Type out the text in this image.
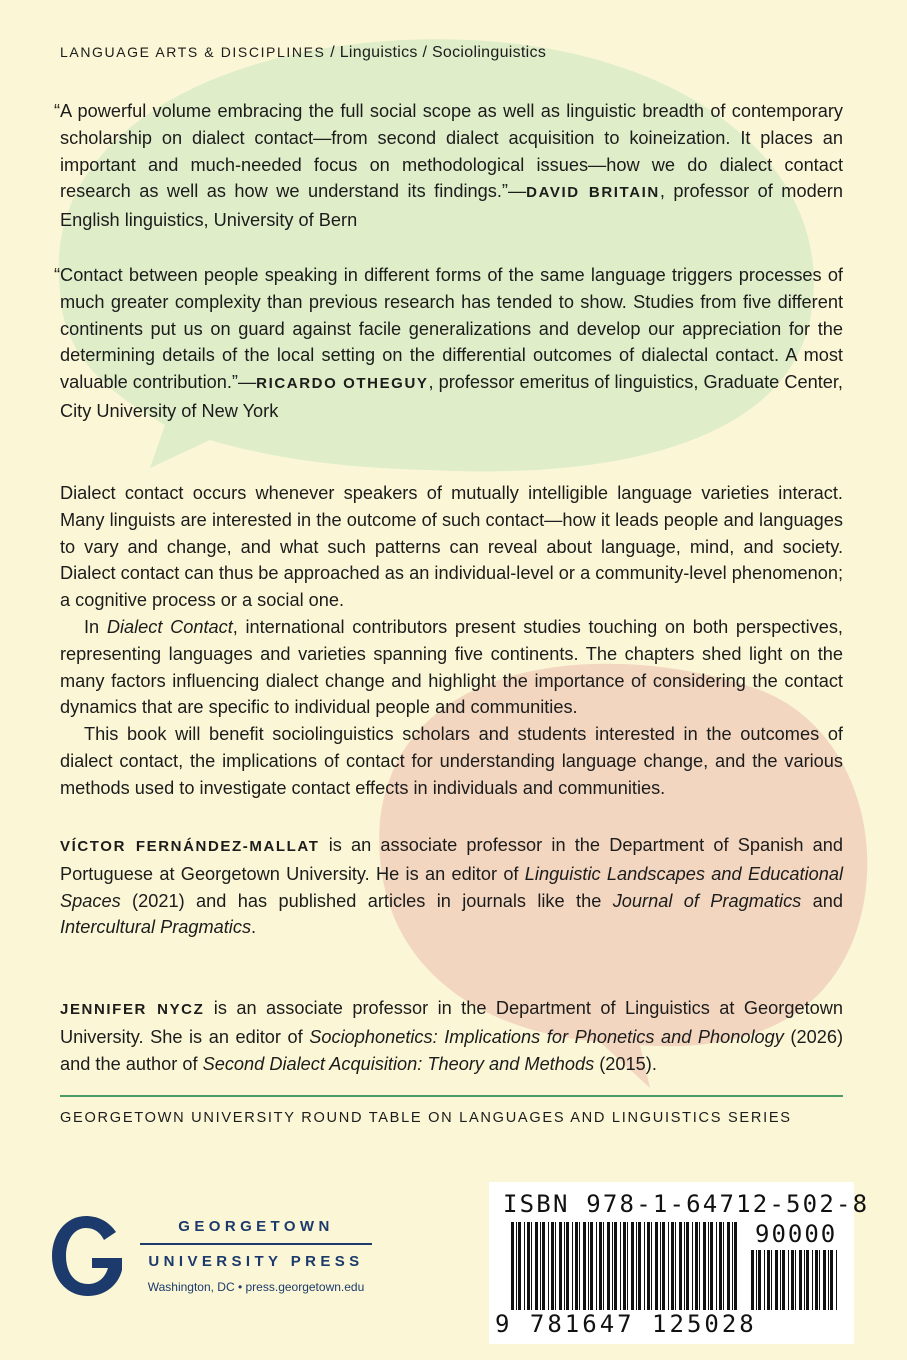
LANGUAGE ARTS & DISCIPLINES / Linguistics / Sociolinguistics

“A powerful volume embracing the full social scope as well as linguistic breadth of contemporary scholarship on dialect contact—from second dialect acquisition to koineization. It places an important and much-needed focus on methodological issues—how we do dialect contact research as well as how we understand its findings.”—DAVID BRITAIN, professor of modern English linguistics, University of Bern

“Contact between people speaking in different forms of the same language triggers processes of much greater complexity than previous research has tended to show. Studies from five different continents put us on guard against facile generalizations and develop our appreciation for the determining details of the local setting on the differential outcomes of dialectal contact. A most valuable contribution.”—RICARDO OTHEGUY, professor emeritus of linguistics, Graduate Center, City University of New York

Dialect contact occurs whenever speakers of mutually intelligible language varieties interact. Many linguists are interested in the outcome of such contact—how it leads people and languages to vary and change, and what such patterns can reveal about language, mind, and society. Dialect contact can thus be approached as an individual-level or a community-level phenomenon; a cognitive process or a social one.

In Dialect Contact, international contributors present studies touching on both perspectives, representing languages and varieties spanning five continents. The chapters shed light on the many factors influencing dialect change and highlight the importance of considering the contact dynamics that are specific to individual people and communities.

This book will benefit sociolinguistics scholars and students interested in the outcomes of dialect contact, the implications of contact for understanding language change, and the various methods used to investigate contact effects in individuals and communities.

VÍCTOR FERNÁNDEZ-MALLAT is an associate professor in the Department of Spanish and Portuguese at Georgetown University. He is an editor of Linguistic Landscapes and Educational Spaces (2021) and has published articles in journals like the Journal of Pragmatics and Intercultural Pragmatics.

JENNIFER NYCZ is an associate professor in the Department of Linguistics at Georgetown University. She is an editor of Sociophonetics: Implications for Phonetics and Phonology (2026) and the author of Second Dialect Acquisition: Theory and Methods (2015).

GEORGETOWN UNIVERSITY ROUND TABLE ON LANGUAGES AND LINGUISTICS SERIES
GEORGETOWN
UNIVERSITY PRESS
Washington, DC • press.georgetown.edu
ISBN 978-1-64712-502-8
90000
9 781647 125028
